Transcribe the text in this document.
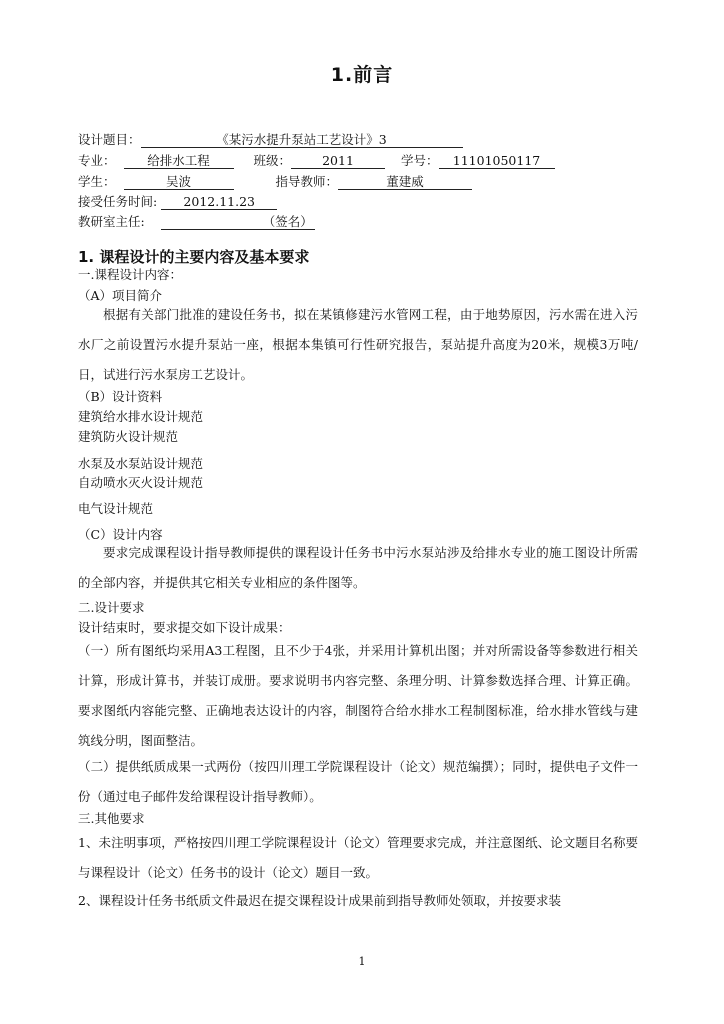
1.前言
设计题目：	《某污水提升泵站工艺设计》3
专业：	给排水工程	班级： 2011	学号： 11101050117
学生：	吴波	指导教师：	董建威
接受任务时间: 2012.11.23
教研室主任:	（签名）
1. 课程设计的主要内容及基本要求
一.课程设计内容：
（A）项目简介

根据有关部门批准的建设任务书，拟在某镇修建污水管网工程，由于地势原因，污水需在进入污水厂之前设置污水提升泵站一座，根据本集镇可行性研究报告，泵站提升高度为20米，规模3万吨/日，试进行污水泵房工艺设计。

（B）设计资料
建筑给水排水设计规范
建筑防火设计规范
水泵及水泵站设计规范
自动喷水灭火设计规范
电气设计规范
（C）设计内容

要求完成课程设计指导教师提供的课程设计任务书中污水泵站涉及给排水专业的施工图设计所需的全部内容，并提供其它相关专业相应的条件图等。

二.设计要求
设计结束时，要求提交如下设计成果：

（一）所有图纸均采用A3工程图，且不少于4张，并采用计算机出图；并对所需设备等参数进行相关计算，形成计算书，并装订成册。要求说明书内容完整、条理分明、计算参数选择合理、计算正确。要求图纸内容能完整、正确地表达设计的内容，制图符合给水排水工程制图标准，给水排水管线与建筑线分明，图面整洁。

（二）提供纸质成果一式两份（按四川理工学院课程设计（论文）规范编撰）；同时，提供电子文件一份（通过电子邮件发给课程设计指导教师）。

三.其他要求

1、未注明事项，严格按四川理工学院课程设计（论文）管理要求完成，并注意图纸、论文题目名称要与课程设计（论文）任务书的设计（论文）题目一致。

2、课程设计任务书纸质文件最迟在提交课程设计成果前到指导教师处领取，并按要求装

1
